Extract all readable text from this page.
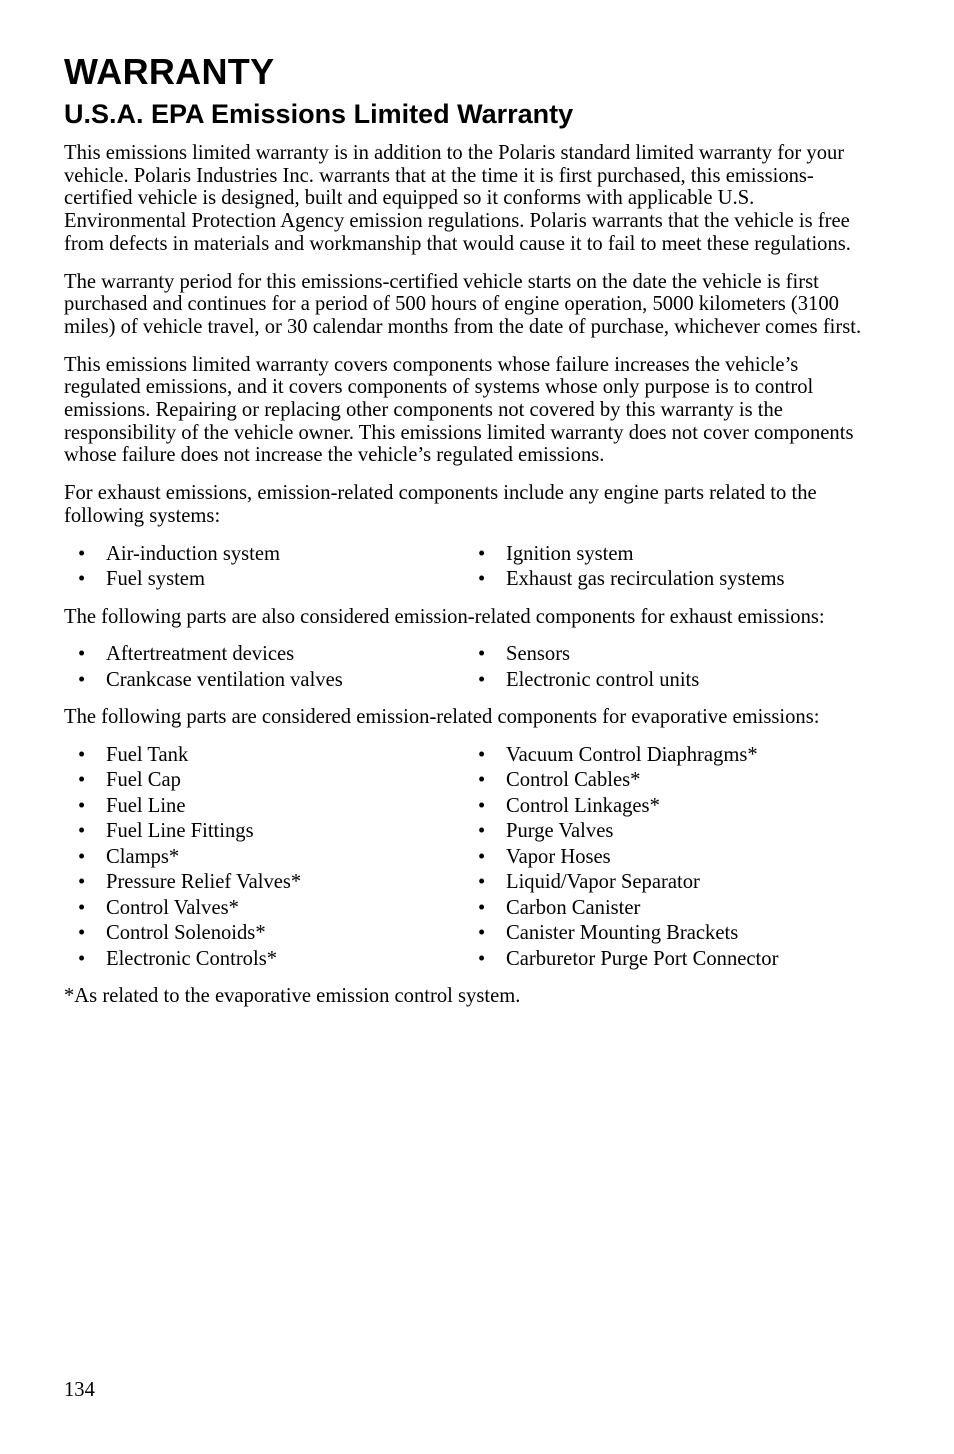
WARRANTY
U.S.A. EPA Emissions Limited Warranty

This emissions limited warranty is in addition to the Polaris standard limited warranty for your vehicle. Polaris Industries Inc. warrants that at the time it is first purchased, this emissions-certified vehicle is designed, built and equipped so it conforms with applicable U.S. Environmental Protection Agency emission regulations. Polaris warrants that the vehicle is free from defects in materials and workmanship that would cause it to fail to meet these regulations.

The warranty period for this emissions-certified vehicle starts on the date the vehicle is first purchased and continues for a period of 500 hours of engine operation, 5000 kilometers (3100 miles) of vehicle travel, or 30 calendar months from the date of purchase, whichever comes first.

This emissions limited warranty covers components whose failure increases the vehicle’s regulated emissions, and it covers components of systems whose only purpose is to control emissions. Repairing or replacing other components not covered by this warranty is the responsibility of the vehicle owner. This emissions limited warranty does not cover components whose failure does not increase the vehicle’s regulated emissions.

For exhaust emissions, emission-related components include any engine parts related to the following systems:

• Air-induction system	• Ignition system
• Fuel system	• Exhaust gas recirculation systems

The following parts are also considered emission-related components for exhaust emissions:

• Aftertreatment devices	• Sensors
• Crankcase ventilation valves	• Electronic control units

The following parts are considered emission-related components for evaporative emissions:

• Fuel Tank	• Vacuum Control Diaphragms*
• Fuel Cap	• Control Cables*
• Fuel Line	• Control Linkages*
• Fuel Line Fittings	• Purge Valves
• Clamps*	• Vapor Hoses
• Pressure Relief Valves*	• Liquid/Vapor Separator
• Control Valves*	• Carbon Canister
• Control Solenoids*	• Canister Mounting Brackets
• Electronic Controls*	• Carburetor Purge Port Connector

*As related to the evaporative emission control system.

134
